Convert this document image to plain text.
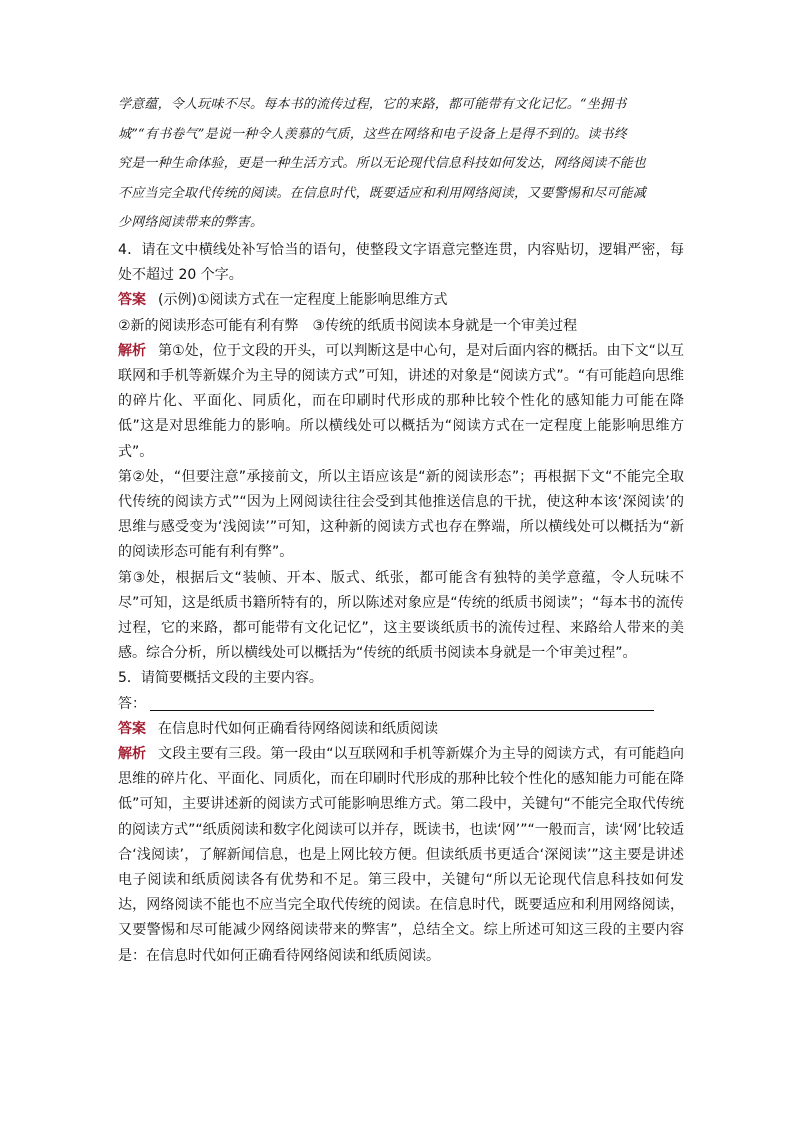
学意蕴，令人玩味不尽。每本书的流传过程，它的来路，都可能带有文化记忆。“坐拥书

城”“有书卷气”是说一种令人羡慕的气质，这些在网络和电子设备上是得不到的。读书终

究是一种生命体验，更是一种生活方式。所以无论现代信息科技如何发达，网络阅读不能也

不应当完全取代传统的阅读。在信息时代，既要适应和利用网络阅读，又要警惕和尽可能减

少网络阅读带来的弊害。

4．请在文中横线处补写恰当的语句，使整段文字语意完整连贯，内容贴切，逻辑严密，每处不超过 20 个字。

答案 (示例)①阅读方式在一定程度上能影响思维方式

②新的阅读形态可能有利有弊　③传统的纸质书阅读本身就是一个审美过程

解析 第①处，位于文段的开头，可以判断这是中心句，是对后面内容的概括。由下文“以互联网和手机等新媒介为主导的阅读方式”可知，讲述的对象是“阅读方式”。“有可能趋向思维的碎片化、平面化、同质化，而在印刷时代形成的那种比较个性化的感知能力可能在降低”这是对思维能力的影响。所以横线处可以概括为“阅读方式在一定程度上能影响思维方式”。

第②处，“但要注意”承接前文，所以主语应该是“新的阅读形态”；再根据下文“不能完全取代传统的阅读方式”“因为上网阅读往往会受到其他推送信息的干扰，使这种本该‘深阅读’的思维与感受变为‘浅阅读’”可知，这种新的阅读方式也存在弊端，所以横线处可以概括为“新的阅读形态可能有利有弊”。

第③处，根据后文“装帧、开本、版式、纸张，都可能含有独特的美学意蕴，令人玩味不尽”可知，这是纸质书籍所特有的，所以陈述对象应是“传统的纸质书阅读”；“每本书的流传过程，它的来路，都可能带有文化记忆”，这主要谈纸质书的流传过程、来路给人带来的美感。综合分析，所以横线处可以概括为“传统的纸质书阅读本身就是一个审美过程”。

5．请简要概括文段的主要内容。

答：

答案 在信息时代如何正确看待网络阅读和纸质阅读

解析 文段主要有三段。第一段由“以互联网和手机等新媒介为主导的阅读方式，有可能趋向思维的碎片化、平面化、同质化，而在印刷时代形成的那种比较个性化的感知能力可能在降低”可知，主要讲述新的阅读方式可能影响思维方式。第二段中，关键句“不能完全取代传统的阅读方式”“纸质阅读和数字化阅读可以并存，既读书，也读‘网’”“一般而言，读‘网’比较适合‘浅阅读’，了解新闻信息，也是上网比较方便。但读纸质书更适合‘深阅读’”这主要是讲述电子阅读和纸质阅读各有优势和不足。第三段中，关键句“所以无论现代信息科技如何发达，网络阅读不能也不应当完全取代传统的阅读。在信息时代，既要适应和利用网络阅读，又要警惕和尽可能减少网络阅读带来的弊害”，总结全文。综上所述可知这三段的主要内容是：在信息时代如何正确看待网络阅读和纸质阅读。
